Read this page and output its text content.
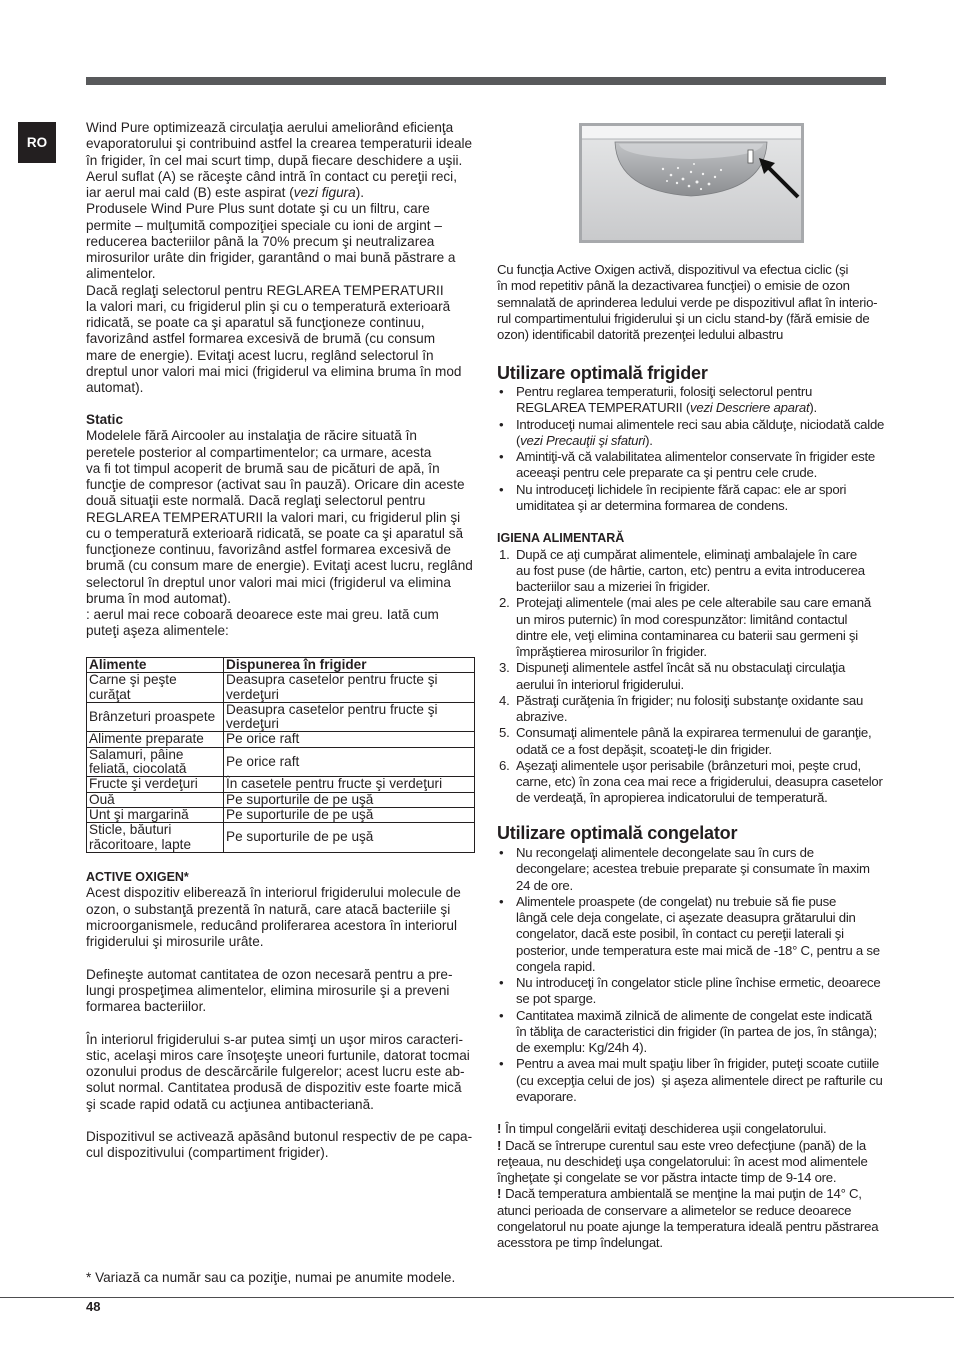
RO
Wind Pure optimizează circulaţia aerului ameliorând eficienţa
evaporatorului şi contribuind astfel la crearea temperaturii ideale
în frigider, în cel mai scurt timp, după fiecare deschidere a uşii.
Aerul suflat (A) se răceşte când intră în contact cu pereţii reci,
iar aerul mai cald (B) este aspirat (vezi figura).
Produsele Wind Pure Plus sunt dotate şi cu un filtru, care
permite – mulţumită compoziţiei speciale cu ioni de argint –
reducerea bacteriilor până la 70% precum şi neutralizarea
mirosurilor urâte din frigider, garantând o mai bună păstrare a
alimentelor.
Dacă reglaţi selectorul pentru REGLAREA TEMPERATURII
la valori mari, cu frigiderul plin şi cu o temperatură exterioară
ridicată, se poate ca şi aparatul să funcţioneze continuu,
favorizând astfel formarea excesivă de brumă (cu consum
mare de energie). Evitaţi acest lucru, reglând selectorul în
dreptul unor valori mai mici (frigiderul va elimina bruma în mod
automat).
Static
Modelele fără Aircooler au instalaţia de răcire situată în
peretele posterior al compartimentelor; ca urmare, acesta
va fi tot timpul acoperit de brumă sau de picături de apă, în
funcţie de compresor (activat sau în pauză). Oricare din aceste
două situaţii este normală. Dacă reglaţi selectorul pentru
REGLAREA TEMPERATURII la valori mari, cu frigiderul plin şi
cu o temperatură exterioară ridicată, se poate ca şi aparatul să
funcţioneze continuu, favorizând astfel formarea excesivă de
brumă (cu consum mare de energie). Evitaţi acest lucru, reglând
selectorul în dreptul unor valori mai mici (frigiderul va elimina
bruma în mod automat).
: aerul mai rece coboară deoarece este mai greu. Iată cum
puteţi aşeza alimentele:
Alimente	Dispunerea în frigider
Carne şi peşte curăţat	Deasupra casetelor pentru fructe şi verdeţuri
Brânzeturi proaspete	Deasupra casetelor pentru fructe şi verdeţuri
Alimente preparate	Pe orice raft
Salamuri, pâine feliată, ciocolată	Pe orice raft
Fructe şi verdeţuri	În casetele pentru fructe şi verdeţuri
Ouă	Pe suporturile de pe uşă
Unt şi margarină	Pe suporturile de pe uşă
Sticle, băuturi răcoritoare, lapte	Pe suporturile de pe uşă
ACTIVE OXIGEN*
Acest dispozitiv eliberează în interiorul frigiderului molecule de
ozon, o substanţă prezentă în natură, care atacă bacteriile şi
microorganismele, reducând proliferarea acestora în interiorul
frigiderului şi mirosurile urâte.
Defineşte automat cantitatea de ozon necesară pentru a pre-
lungi prospeţimea alimentelor, elimina mirosurile şi a preveni
formarea bacteriilor.
În interiorul frigiderului s-ar putea simţi un uşor miros caracteri-
stic, acelaşi miros care însoţeşte uneori furtunile, datorat tocmai
ozonului produs de descărcările fulgerelor; acest lucru este ab-
solut normal. Cantitatea produsă de dispozitiv este foarte mică
şi scade rapid odată cu acţiunea antibacteriană.
Dispozitivul se activează apăsând butonul respectiv de pe capa-
cul dispozitivului (compartiment frigider).
Cu funcţia Active Oxigen activă, dispozitivul va efectua ciclic (şi
în mod repetitiv până la dezactivarea funcţiei) o emisie de ozon
semnalată de aprinderea ledului verde pe dispozitivul aflat în interio-
rul compartimentului frigiderului şi un ciclu stand-by (fără emisie de
ozon) identificabil datorită prezenţei ledului albastru
Utilizare optimală frigider
• Pentru reglarea temperaturii, folosiţi selectorul pentru
REGLAREA TEMPERATURII (vezi Descriere aparat).
• Introduceţi numai alimentele reci sau abia călduţe, niciodată calde
(vezi Precauţii şi sfaturi).
• Amintiţi-vă că valabilitatea alimentelor conservate în frigider este
aceeaşi pentru cele preparate ca şi pentru cele crude.
• Nu introduceţi lichidele în recipiente fără capac: ele ar spori
umiditatea şi ar determina formarea de condens.
IGIENA ALIMENTARĂ
1. După ce aţi cumpărat alimentele, eliminaţi ambalajele în care
au fost puse (de hârtie, carton, etc) pentru a evita introducerea
bacteriilor sau a mizeriei în frigider.
2. Protejaţi alimentele (mai ales pe cele alterabile sau care emană
un miros puternic) în mod corespunzător: limitând contactul
dintre ele, veţi elimina contaminarea cu baterii sau germeni şi
împrăştierea mirosurilor în frigider.
3. Dispuneţi alimentele astfel încât să nu obstaculaţi circulaţia
aerului în interiorul frigiderului.
4. Păstraţi curăţenia în frigider; nu folosiţi substanţe oxidante sau
abrazive.
5. Consumaţi alimentele până la expirarea termenului de garanţie,
odată ce a fost depăşit, scoateţi-le din frigider.
6. Aşezaţi alimentele uşor perisabile (brânzeturi moi, peşte crud,
carne, etc) în zona cea mai rece a frigiderului, deasupra casetelor
de verdeaţă, în apropierea indicatorului de temperatură.
Utilizare optimală congelator
• Nu recongelaţi alimentele decongelate sau în curs de
decongelare; acestea trebuie preparate şi consumate în maxim
24 de ore.
• Alimentele proaspete (de congelat) nu trebuie să fie puse
lângă cele deja congelate, ci aşezate deasupra grătarului din
congelator, dacă este posibil, în contact cu pereţii laterali şi
posterior, unde temperatura este mai mică de -18° C, pentru a se
congela rapid.
• Nu introduceţi în congelator sticle pline închise ermetic, deoarece
se pot sparge.
• Cantitatea maximă zilnică de alimente de congelat este indicată
în tăbliţa de caracteristici din frigider (în partea de jos, în stânga);
de exemplu: Kg/24h 4).
• Pentru a avea mai mult spaţiu liber în frigider, puteţi scoate cutiile
(cu excepţia celui de jos)  şi aşeza alimentele direct pe rafturile cu
evaporare.
! În timpul congelării evitaţi deschiderea uşii congelatorului.
! Dacă se întrerupe curentul sau este vreo defecţiune (pană) de la
reţeaua, nu deschideţi uşa congelatorului: în acest mod alimentele
îngheţate şi congelate se vor păstra intacte timp de 9-14 ore.
! Dacă temperatura ambientală se menţine la mai puţin de 14° C,
atunci perioada de conservare a alimetelor se reduce deoarece
congelatorul nu poate ajunge la temperatura ideală pentru păstrarea
acesstora pe timp îndelungat.
* Variază ca număr sau ca poziţie, numai pe anumite modele.
48
